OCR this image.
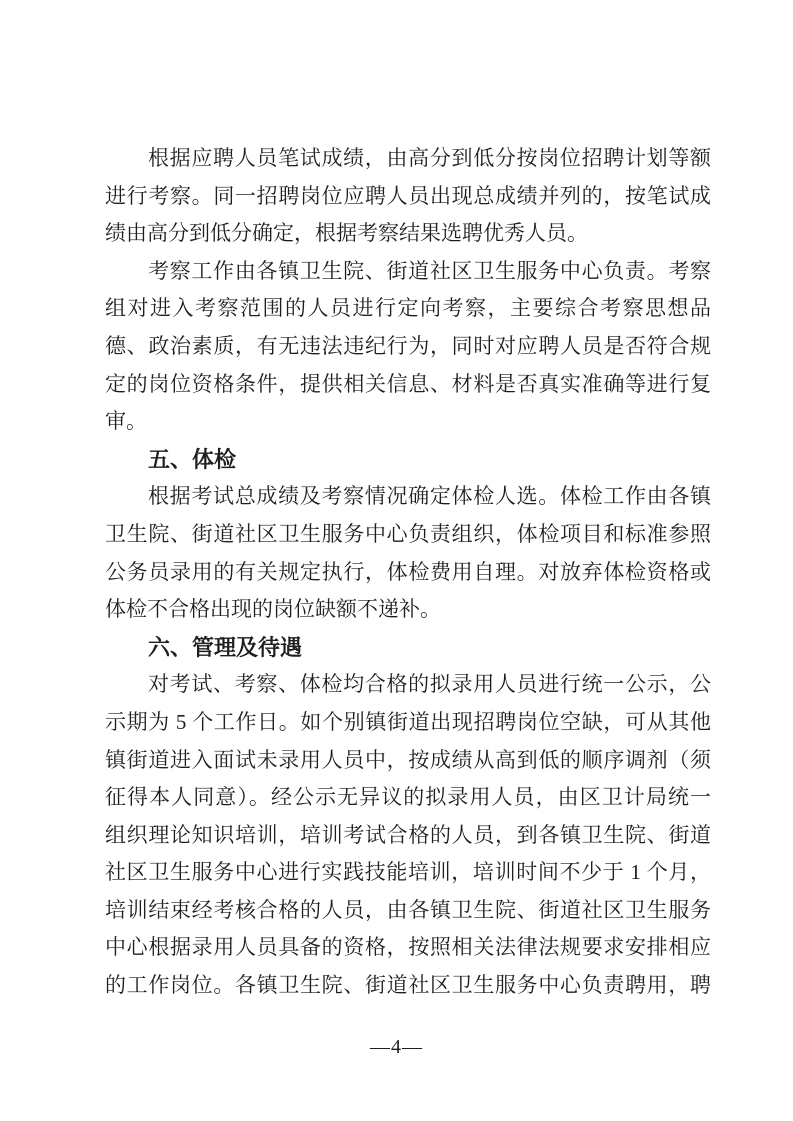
根据应聘人员笔试成绩，由高分到低分按岗位招聘计划等额
进行考察。同一招聘岗位应聘人员出现总成绩并列的，按笔试成
绩由高分到低分确定，根据考察结果选聘优秀人员。
考察工作由各镇卫生院、街道社区卫生服务中心负责。考察
组对进入考察范围的人员进行定向考察，主要综合考察思想品
德、政治素质，有无违法违纪行为，同时对应聘人员是否符合规
定的岗位资格条件，提供相关信息、材料是否真实准确等进行复
审。
五、体检
根据考试总成绩及考察情况确定体检人选。体检工作由各镇
卫生院、街道社区卫生服务中心负责组织，体检项目和标准参照
公务员录用的有关规定执行，体检费用自理。对放弃体检资格或
体检不合格出现的岗位缺额不递补。
六、管理及待遇
对考试、考察、体检均合格的拟录用人员进行统一公示，公
示期为 5 个工作日。如个别镇街道出现招聘岗位空缺，可从其他
镇街道进入面试未录用人员中，按成绩从高到低的顺序调剂（须
征得本人同意）。经公示无异议的拟录用人员，由区卫计局统一
组织理论知识培训，培训考试合格的人员，到各镇卫生院、街道
社区卫生服务中心进行实践技能培训，培训时间不少于 1 个月，
培训结束经考核合格的人员，由各镇卫生院、街道社区卫生服务
中心根据录用人员具备的资格，按照相关法律法规要求安排相应
的工作岗位。各镇卫生院、街道社区卫生服务中心负责聘用，聘
—4—
